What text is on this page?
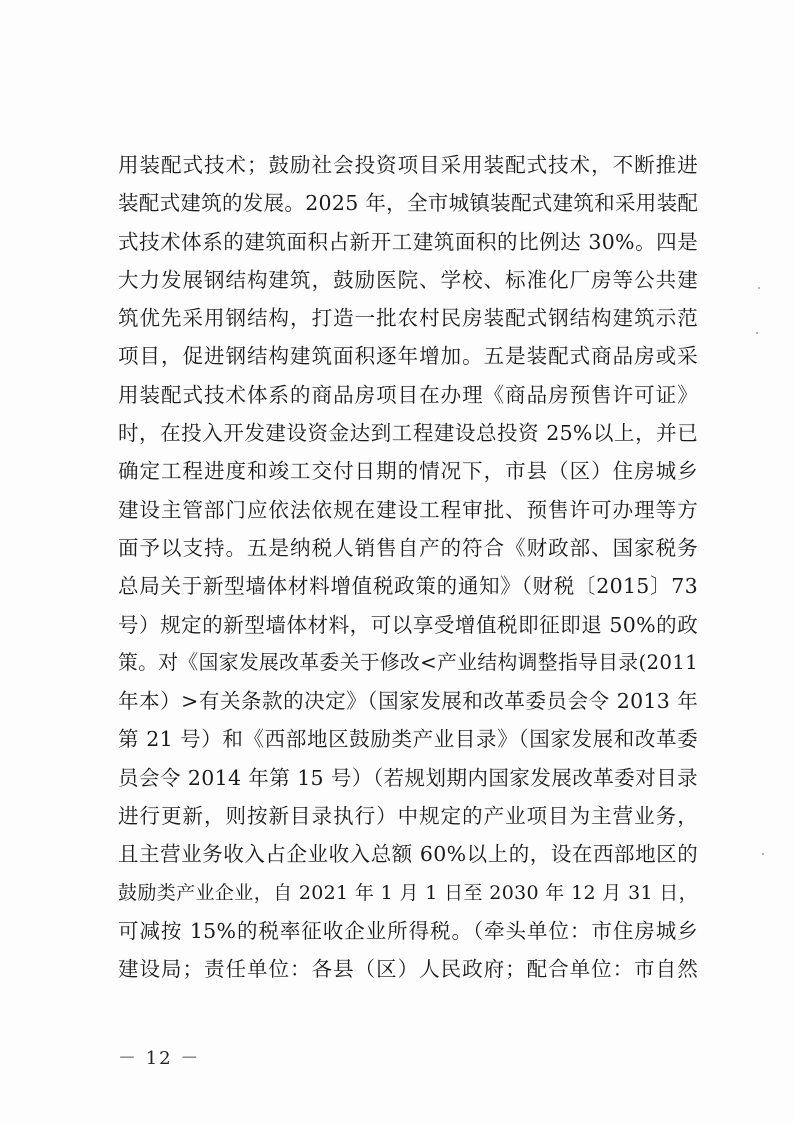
用装配式技术；鼓励社会投资项目采用装配式技术，不断推进
装配式建筑的发展。2025 年，全市城镇装配式建筑和采用装配
式技术体系的建筑面积占新开工建筑面积的比例达 30%。四是
大力发展钢结构建筑，鼓励医院、学校、标准化厂房等公共建
筑优先采用钢结构，打造一批农村民房装配式钢结构建筑示范
项目，促进钢结构建筑面积逐年增加。五是装配式商品房或采
用装配式技术体系的商品房项目在办理《商品房预售许可证》
时，在投入开发建设资金达到工程建设总投资 25%以上，并已
确定工程进度和竣工交付日期的情况下，市县（区）住房城乡
建设主管部门应依法依规在建设工程审批、预售许可办理等方
面予以支持。五是纳税人销售自产的符合《财政部、国家税务
总局关于新型墙体材料增值税政策的通知》（财税〔2015〕73
号）规定的新型墙体材料，可以享受增值税即征即退 50%的政
策。对《国家发展改革委关于修改<产业结构调整指导目录(2011
年本）>有关条款的决定》（国家发展和改革委员会令 2013 年
第 21 号）和《西部地区鼓励类产业目录》（国家发展和改革委
员会令 2014 年第 15 号）（若规划期内国家发展改革委对目录
进行更新，则按新目录执行）中规定的产业项目为主营业务，
且主营业务收入占企业收入总额 60%以上的，设在西部地区的
鼓励类产业企业，自 2021 年 1 月 1 日至 2030 年 12 月 31 日，
可减按 15%的税率征收企业所得税。（牵头单位：市住房城乡
建设局；责任单位：各县（区）人民政府；配合单位：市自然
－ 12 －
